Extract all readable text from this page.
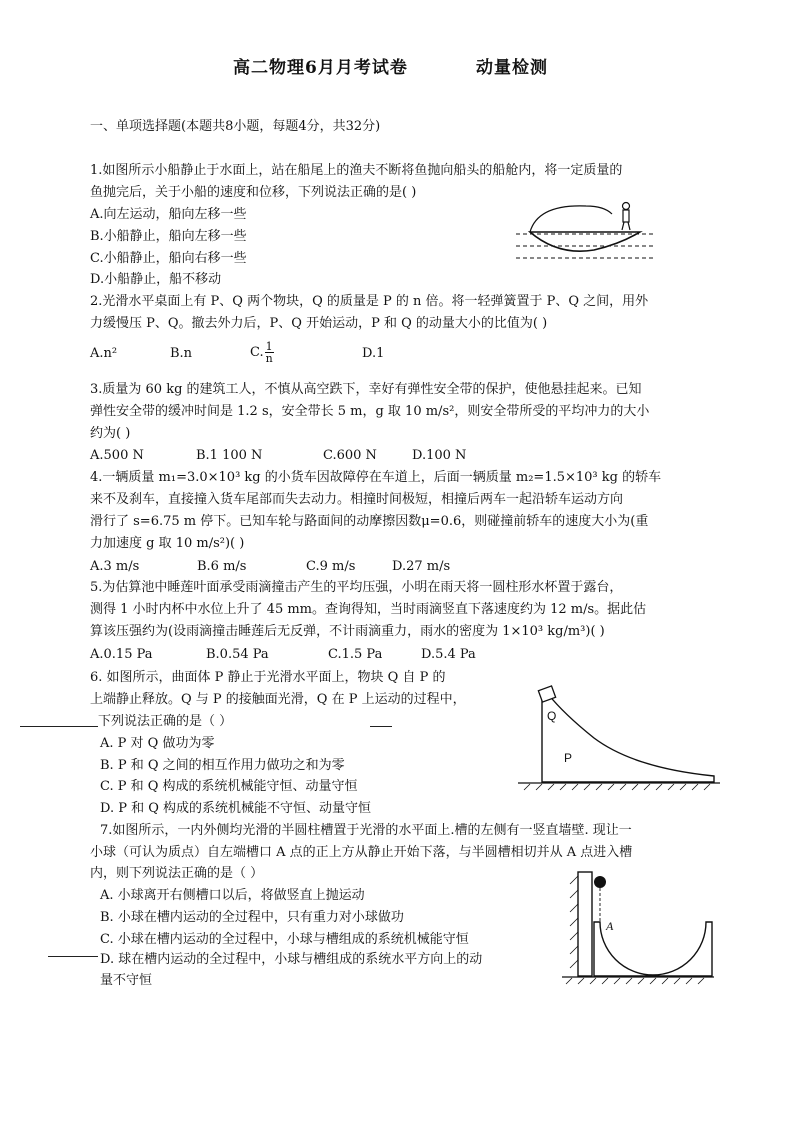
高二物理6月月考试卷	动量检测
一、单项选择题(本题共8小题，每题4分，共32分)
1.如图所示小船静止于水面上，站在船尾上的渔夫不断将鱼抛向船头的船舱内，将一定质量的
鱼抛完后，关于小船的速度和位移，下列说法正确的是( )
A.向左运动，船向左移一些
B.小船静止，船向左移一些
C.小船静止，船向右移一些
D.小船静止，船不移动
2.光滑水平桌面上有 P、Q 两个物块，Q 的质量是 P 的 n 倍。将一轻弹簧置于 P、Q 之间，用外
力缓慢压 P、Q。撤去外力后，P、Q 开始运动，P 和 Q 的动量大小的比值为( )
A.n²	B.n	C. $\frac{1}{n}$	D.1
3.质量为 60 kg 的建筑工人，不慎从高空跌下，幸好有弹性安全带的保护，使他悬挂起来。已知
弹性安全带的缓冲时间是 1.2 s，安全带长 5 m，g 取 10 m/s²，则安全带所受的平均冲力的大小
约为( )
A.500 N	B.1 100 N	C.600 N	D.100 N
4.一辆质量 m₁=3.0×10³ kg 的小货车因故障停在车道上，后面一辆质量 m₂=1.5×10³ kg 的轿车
来不及刹车，直接撞入货车尾部而失去动力。相撞时间极短，相撞后两车一起沿轿车运动方向
滑行了 s=6.75 m 停下。已知车轮与路面间的动摩擦因数μ=0.6，则碰撞前轿车的速度大小为(重
力加速度 g 取 10 m/s²)( )
A.3 m/s	B.6 m/s	C.9 m/s	D.27 m/s
5.为估算池中睡莲叶面承受雨滴撞击产生的平均压强，小明在雨天将一圆柱形水杯置于露台，
测得 1 小时内杯中水位上升了 45 mm。查询得知，当时雨滴竖直下落速度约为 12 m/s。据此估
算该压强约为(设雨滴撞击睡莲后无反弹，不计雨滴重力，雨水的密度为 1×10³ kg/m³)( )
A.0.15 Pa	B.0.54 Pa	C.1.5 Pa	D.5.4 Pa
6. 如图所示，曲面体 P 静止于光滑水平面上，物块 Q 自 P 的
上端静止释放。Q 与 P 的接触面光滑，Q 在 P 上运动的过程中，
下列说法正确的是（ ）
A. P 对 Q 做功为零
B. P 和 Q 之间的相互作用力做功之和为零
C. P 和 Q 构成的系统机械能守恒、动量守恒
D. P 和 Q 构成的系统机械能不守恒、动量守恒
Q
P
7.如图所示，一内外侧均光滑的半圆柱槽置于光滑的水平面上.槽的左侧有一竖直墙壁. 现让一
小球（可认为质点）自左端槽口 A 点的正上方从静止开始下落，与半圆槽相切并从 A 点进入槽
内，则下列说法正确的是（ ）
A. 小球离开右侧槽口以后，将做竖直上抛运动
B. 小球在槽内运动的全过程中，只有重力对小球做功
C. 小球在槽内运动的全过程中，小球与槽组成的系统机械能守恒
D. 球在槽内运动的全过程中，小球与槽组成的系统水平方向上的动
量不守恒
A
